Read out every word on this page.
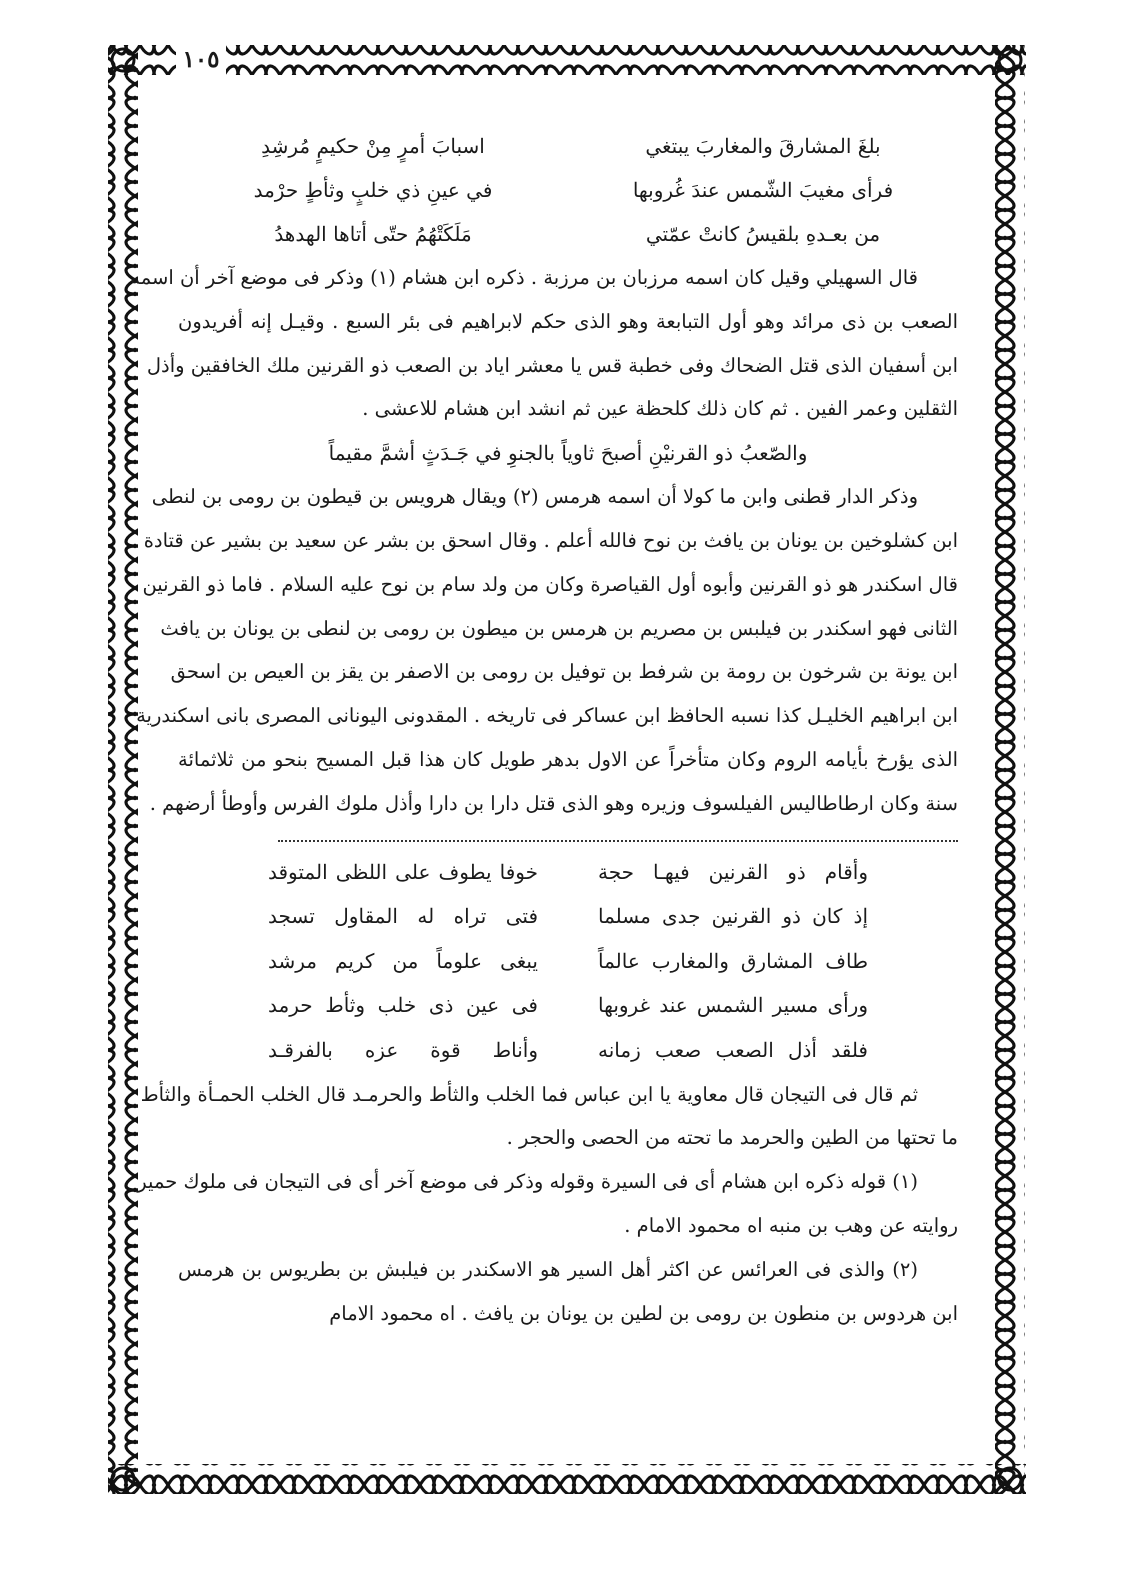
١٠٥
بلغَ المشارقَ والمغاربَ يبتغي
اسبابَ أمرٍ مِنْ حكيمٍ مُرشِدِ
فرأى مغيبَ الشّمس عندَ غُروبها
في عينِ ذي خلبٍ وثأطٍ حرْمد
من بعـدهِ بلقيسُ كانتْ عمّتي
مَلَكَتْهُمُ حتّى أتاها الهدهدُ
قال السهيلي وقيل كان اسمه مرزبان بن مرزبة . ذكره ابن هشام (١) وذكر فى موضع آخر أن اسمه
الصعب بن ذى مرائد وهو أول التبابعة وهو الذى حكم لابراهيم فى بئر السبع . وقيـل إنه أفريدون
ابن أسفيان الذى قتل الضحاك وفى خطبة قس يا معشر اياد بن الصعب ذو القرنين ملك الخافقين وأذل
الثقلين وعمر الفين . ثم كان ذلك كلحظة عين ثم انشد ابن هشام للاعشى .
والصّعبُ ذو القرنيْنِ أصبحَ ثاوياً بالجنوِ في جَـدَثٍ أشمَّ مقيماً
وذكر الدار قطنى وابن ما كولا أن اسمه هرمس (٢) ويقال هرويس بن قيطون بن رومى بن لنطى
ابن كشلوخين بن يونان بن يافث بن نوح فالله أعلم . وقال اسحق بن بشر عن سعيد بن بشير عن قتادة
قال اسكندر هو ذو القرنين وأبوه أول القياصرة وكان من ولد سام بن نوح عليه السلام . فاما ذو القرنين
الثانى فهو اسكندر بن فيلبس بن مصريم بن هرمس بن ميطون بن رومى بن لنطى بن يونان بن يافث
ابن يونة بن شرخون بن رومة بن شرفط بن توفيل بن رومى بن الاصفر بن يقز بن العيص بن اسحق
ابن ابراهيم الخليـل كذا نسبه الحافظ ابن عساكر فى تاريخه . المقدونى اليونانى المصرى بانى اسكندرية
الذى يؤرخ بأيامه الروم وكان متأخراً عن الاول بدهر طويل كان هذا قبل المسيح بنحو من ثلاثمائة
سنة وكان ارطاطاليس الفيلسوف وزيره وهو الذى قتل دارا بن دارا وأذل ملوك الفرس وأوطأ أرضهم .
وأقام ذو القرنين فيهـا حجة
خوفا يطوف على اللظى المتوقد
إذ كان ذو القرنين جدى مسلما
فتى تراه له المقاول تسجد
طاف المشارق والمغارب عالماً
يبغى علوماً من كريم مرشد
ورأى مسير الشمس عند غروبها
فى عين ذى خلب وثأط حرمد
فلقد أذل الصعب صعب زمانه
وأناط قوة عزه بالفرقـد
ثم قال فى التيجان قال معاوية يا ابن عباس فما الخلب والثأط والحرمـد قال الخلب الحمـأة والثأط
ما تحتها من الطين والحرمد ما تحته من الحصى والحجر .
(١) قوله ذكره ابن هشام أى فى السيرة وقوله وذكر فى موضع آخر أى فى التيجان فى ملوك حمير
روايته عن وهب بن منبه اه محمود الامام .
(٢) والذى فى العرائس عن اكثر أهل السير هو الاسكندر بن فيلبش بن بطريوس بن هرمس
ابن هردوس بن منطون بن رومى بن لطين بن يونان بن يافث . اه محمود الامام
